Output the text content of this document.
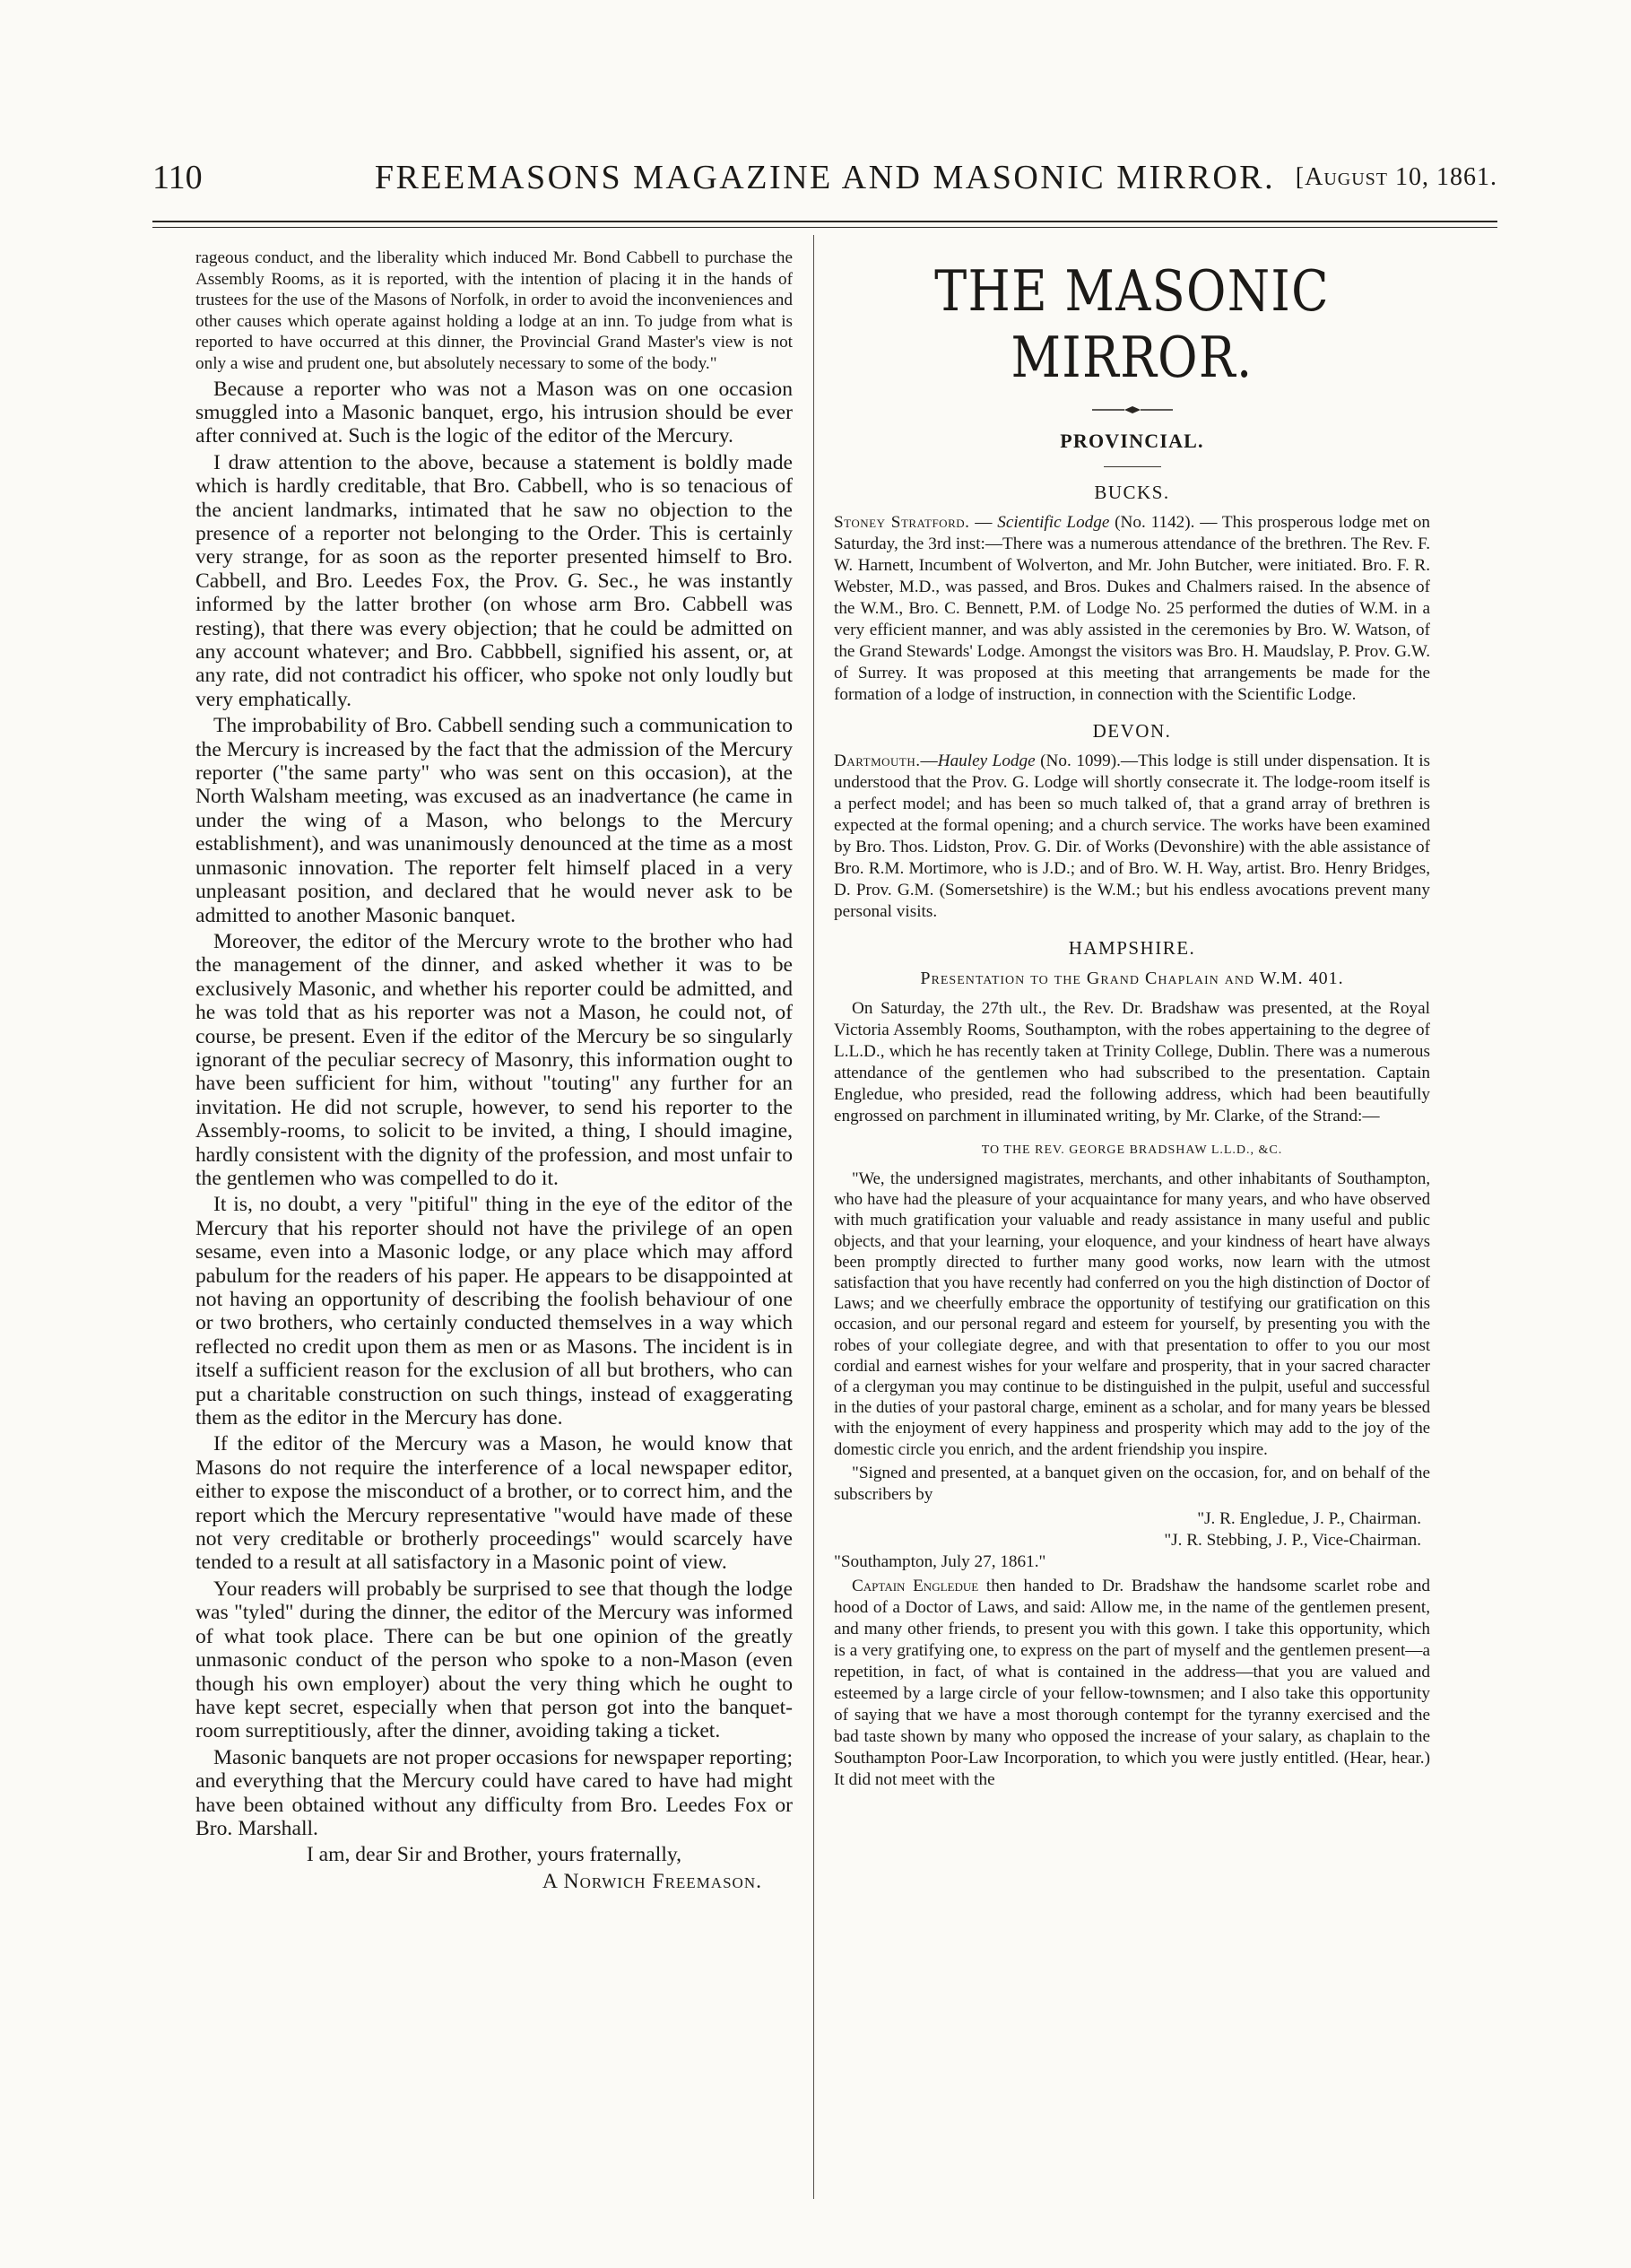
110	FREEMASONS MAGAZINE AND MASONIC MIRROR. [August 10, 1861.

rageous conduct, and the liberality which induced Mr. Bond Cabbell to purchase the Assembly Rooms, as it is reported, with the intention of placing it in the hands of trustees for the use of the Masons of Norfolk, in order to avoid the inconveniences and other causes which operate against holding a lodge at an inn. To judge from what is reported to have occurred at this dinner, the Provincial Grand Master's view is not only a wise and prudent one, but absolutely necessary to some of the body."

Because a reporter who was not a Mason was on one occasion smuggled into a Masonic banquet, ergo, his intrusion should be ever after connived at. Such is the logic of the editor of the Mercury.

I draw attention to the above, because a statement is boldly made which is hardly creditable, that Bro. Cabbell, who is so tenacious of the ancient landmarks, intimated that he saw no objection to the presence of a reporter not belonging to the Order. This is certainly very strange, for as soon as the reporter presented himself to Bro. Cabbell, and Bro. Leedes Fox, the Prov. G. Sec., he was instantly informed by the latter brother (on whose arm Bro. Cabbell was resting), that there was every objection; that he could be admitted on any account whatever; and Bro. Cabbbell, signified his assent, or, at any rate, did not contradict his officer, who spoke not only loudly but very emphatically.

The improbability of Bro. Cabbell sending such a communication to the Mercury is increased by the fact that the admission of the Mercury reporter ("the same party" who was sent on this occasion), at the North Walsham meeting, was excused as an inadvertance (he came in under the wing of a Mason, who belongs to the Mercury establishment), and was unanimously denounced at the time as a most unmasonic innovation. The reporter felt himself placed in a very unpleasant position, and declared that he would never ask to be admitted to another Masonic banquet.

Moreover, the editor of the Mercury wrote to the brother who had the management of the dinner, and asked whether it was to be exclusively Masonic, and whether his reporter could be admitted, and he was told that as his reporter was not a Mason, he could not, of course, be present. Even if the editor of the Mercury be so singularly ignorant of the peculiar secrecy of Masonry, this information ought to have been sufficient for him, without "touting" any further for an invitation. He did not scruple, however, to send his reporter to the Assembly-rooms, to solicit to be invited, a thing, I should imagine, hardly consistent with the dignity of the profession, and most unfair to the gentlemen who was compelled to do it.

It is, no doubt, a very "pitiful" thing in the eye of the editor of the Mercury that his reporter should not have the privilege of an open sesame, even into a Masonic lodge, or any place which may afford pabulum for the readers of his paper. He appears to be disappointed at not having an opportunity of describing the foolish behaviour of one or two brothers, who certainly conducted themselves in a way which reflected no credit upon them as men or as Masons. The incident is in itself a sufficient reason for the exclusion of all but brothers, who can put a charitable construction on such things, instead of exaggerating them as the editor in the Mercury has done.

If the editor of the Mercury was a Mason, he would know that Masons do not require the interference of a local newspaper editor, either to expose the misconduct of a brother, or to correct him, and the report which the Mercury representative "would have made of these not very creditable or brotherly proceedings" would scarcely have tended to a result at all satisfactory in a Masonic point of view.

Your readers will probably be surprised to see that though the lodge was "tyled" during the dinner, the editor of the Mercury was informed of what took place. There can be but one opinion of the greatly unmasonic conduct of the person who spoke to a non-Mason (even though his own employer) about the very thing which he ought to have kept secret, especially when that person got into the banquet-room surreptitiously, after the dinner, avoiding taking a ticket.

Masonic banquets are not proper occasions for newspaper reporting; and everything that the Mercury could have cared to have had might have been obtained without any difficulty from Bro. Leedes Fox or Bro. Marshall.

I am, dear Sir and Brother, yours fraternally,

A Norwich Freemason.

THE MASONIC MIRROR.
PROVINCIAL.
BUCKS.

Stoney Stratford. — Scientific Lodge (No. 1142). — This prosperous lodge met on Saturday, the 3rd inst:—There was a numerous attendance of the brethren. The Rev. F. W. Harnett, Incumbent of Wolverton, and Mr. John Butcher, were initiated. Bro. F. R. Webster, M.D., was passed, and Bros. Dukes and Chalmers raised. In the absence of the W.M., Bro. C. Bennett, P.M. of Lodge No. 25 performed the duties of W.M. in a very efficient manner, and was ably assisted in the ceremonies by Bro. W. Watson, of the Grand Stewards' Lodge. Amongst the visitors was Bro. H. Maudslay, P. Prov. G.W. of Surrey. It was proposed at this meeting that arrangements be made for the formation of a lodge of instruction, in connection with the Scientific Lodge.

DEVON.

Dartmouth.—Hauley Lodge (No. 1099).—This lodge is still under dispensation. It is understood that the Prov. G. Lodge will shortly consecrate it. The lodge-room itself is a perfect model; and has been so much talked of, that a grand array of brethren is expected at the formal opening; and a church service. The works have been examined by Bro. Thos. Lidston, Prov. G. Dir. of Works (Devonshire) with the able assistance of Bro. R.M. Mortimore, who is J.D.; and of Bro. W. H. Way, artist. Bro. Henry Bridges, D. Prov. G.M. (Somersetshire) is the W.M.; but his endless avocations prevent many personal visits.

HAMPSHIRE.
Presentation to the Grand Chaplain and W.M. 401.

On Saturday, the 27th ult., the Rev. Dr. Bradshaw was presented, at the Royal Victoria Assembly Rooms, Southampton, with the robes appertaining to the degree of L.L.D., which he has recently taken at Trinity College, Dublin. There was a numerous attendance of the gentlemen who had subscribed to the presentation. Captain Engledue, who presided, read the following address, which had been beautifully engrossed on parchment in illuminated writing, by Mr. Clarke, of the Strand:—

TO THE REV. GEORGE BRADSHAW L.L.D., &C.

"We, the undersigned magistrates, merchants, and other inhabitants of Southampton, who have had the pleasure of your acquaintance for many years, and who have observed with much gratification your valuable and ready assistance in many useful and public objects, and that your learning, your eloquence, and your kindness of heart have always been promptly directed to further many good works, now learn with the utmost satisfaction that you have recently had conferred on you the high distinction of Doctor of Laws; and we cheerfully embrace the opportunity of testifying our gratification on this occasion, and our personal regard and esteem for yourself, by presenting you with the robes of your collegiate degree, and with that presentation to offer to you our most cordial and earnest wishes for your welfare and prosperity, that in your sacred character of a clergyman you may continue to be distinguished in the pulpit, useful and successful in the duties of your pastoral charge, eminent as a scholar, and for many years be blessed with the enjoyment of every happiness and prosperity which may add to the joy of the domestic circle you enrich, and the ardent friendship you inspire.

"Signed and presented, at a banquet given on the occasion, for, and on behalf of the subscribers by

"J. R. Engledue, J. P., Chairman.

"J. R. Stebbing, J. P., Vice-Chairman.

"Southampton, July 27, 1861."

Captain Engledue then handed to Dr. Bradshaw the handsome scarlet robe and hood of a Doctor of Laws, and said: Allow me, in the name of the gentlemen present, and many other friends, to present you with this gown. I take this opportunity, which is a very gratifying one, to express on the part of myself and the gentlemen present—a repetition, in fact, of what is contained in the address—that you are valued and esteemed by a large circle of your fellow-townsmen; and I also take this opportunity of saying that we have a most thorough contempt for the tyranny exercised and the bad taste shown by many who opposed the increase of your salary, as chaplain to the Southampton Poor-Law Incorporation, to which you were justly entitled. (Hear, hear.) It did not meet with the
